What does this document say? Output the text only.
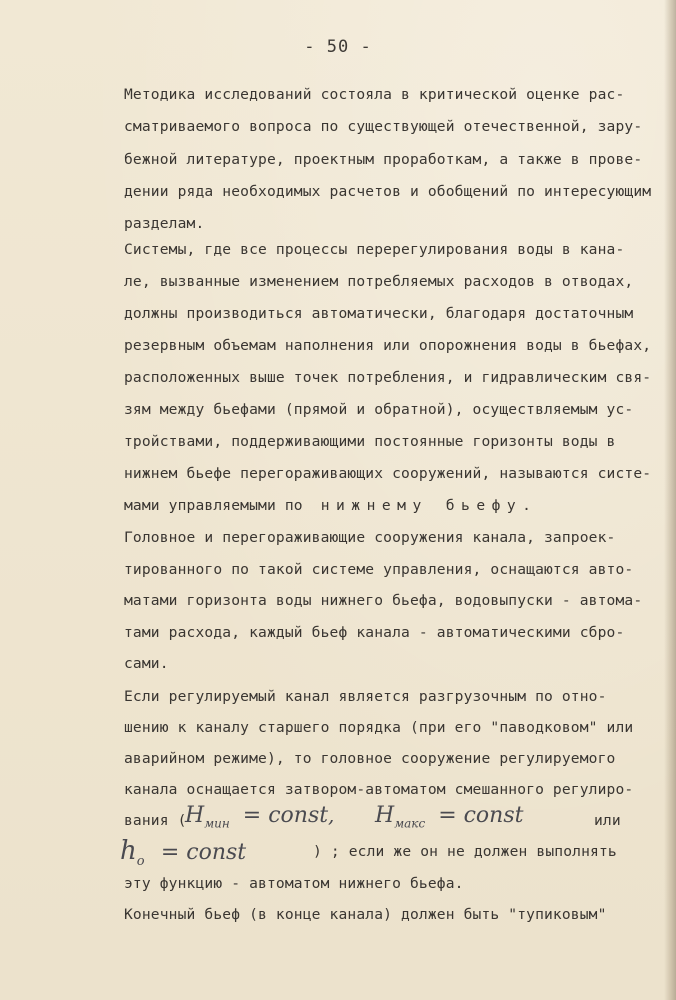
- 50 -
Методика исследований состояла в критической оценке рас-
сматриваемого вопроса по существующей отечественной, зару-
бежной литературе, проектным проработкам, а также в прове-
дении ряда необходимых расчетов и обобщений по интересующим
разделам.
Системы, где все процессы перерегулирования воды в кана-
ле, вызванные изменением потребляемых расходов в отводах,
должны производиться автоматически, благодаря достаточным
резервным объемам наполнения или опорожнения воды в бьефах,
расположенных выше точек потребления, и гидравлическим свя-
зям между бьефами (прямой и обратной), осуществляемым ус-
тройствами, поддерживающими постоянные горизонты воды в
нижнем бьефе перегораживающих сооружений, называются систе-
мами управляемыми по нижнему бьефу.
Головное и перегораживающие сооружения канала, запроек-
тированного по такой системе управления, оснащаются авто-
матами горизонта воды нижнего бьефа, водовыпуски - автома-
тами расхода, каждый бьеф канала - автоматическими сбро-
сами.
Если регулируемый канал является разгрузочным по отно-
шению к каналу старшего порядка (при его "паводковом" или
аварийном режиме), то головное сооружение регулируемого
канала оснащается затвором-автоматом смешанного регулиро-
вания (
$H_{мин}$ = const , $H_{макс}$ = const	или
$h_o$ = const	) ; если же он не должен выполнять
эту функцию - автоматом нижнего бьефа.
Конечный бьеф (в конце канала) должен быть "тупиковым"
